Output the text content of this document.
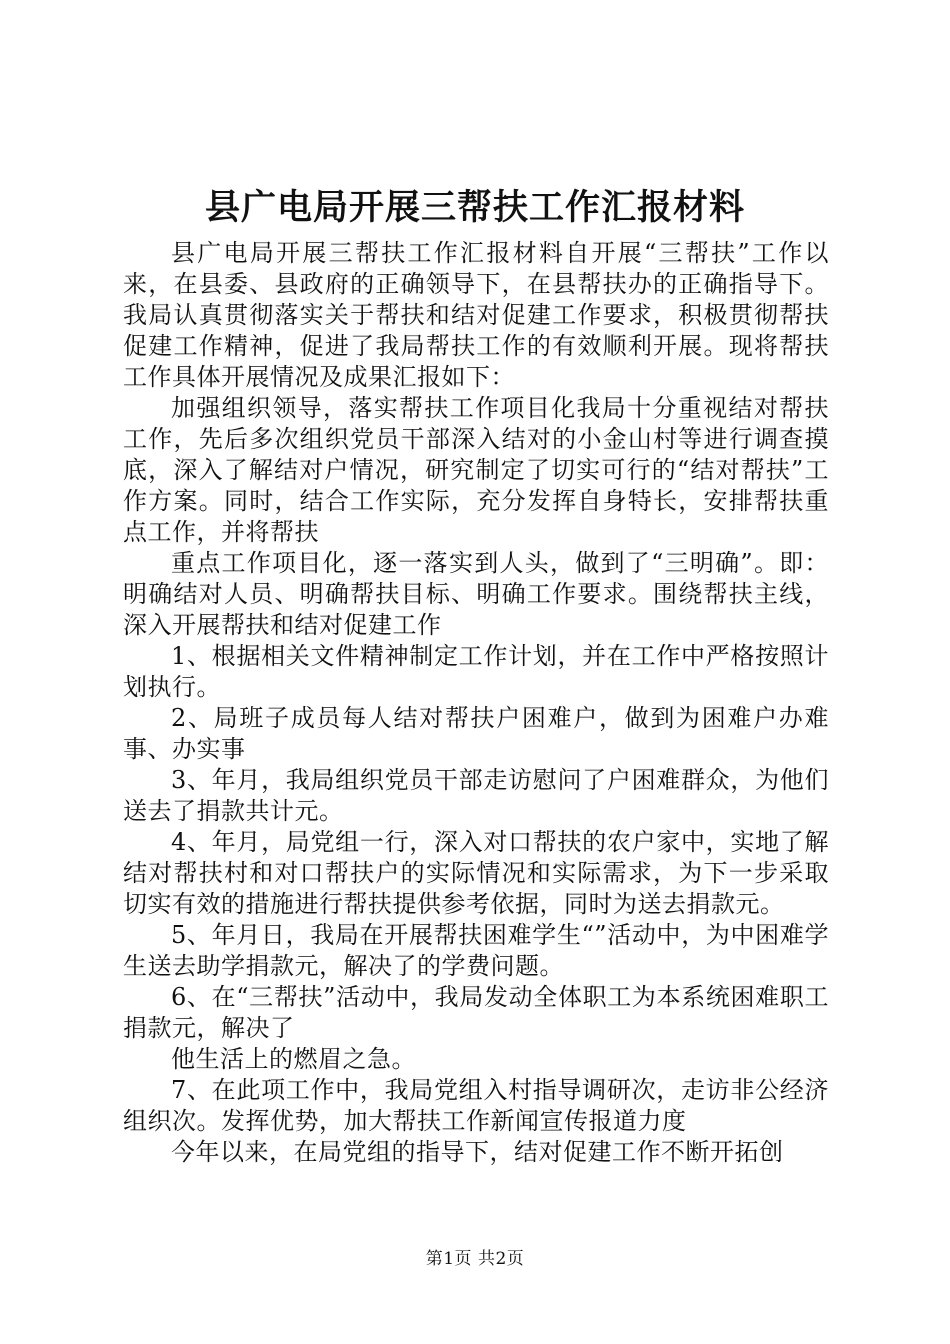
县广电局开展三帮扶工作汇报材料

县广电局开展三帮扶工作汇报材料自开展“三帮扶”工作以来，在县委、县政府的正确领导下，在县帮扶办的正确指导下。我局认真贯彻落实关于帮扶和结对促建工作要求，积极贯彻帮扶促建工作精神，促进了我局帮扶工作的有效顺利开展。现将帮扶工作具体开展情况及成果汇报如下：

加强组织领导，落实帮扶工作项目化我局十分重视结对帮扶工作，先后多次组织党员干部深入结对的小金山村等进行调查摸底，深入了解结对户情况，研究制定了切实可行的“结对帮扶”工作方案。同时，结合工作实际，充分发挥自身特长，安排帮扶重点工作，并将帮扶

重点工作项目化，逐一落实到人头，做到了“三明确”。即：明确结对人员、明确帮扶目标、明确工作要求。围绕帮扶主线，深入开展帮扶和结对促建工作

1、根据相关文件精神制定工作计划，并在工作中严格按照计划执行。

2、局班子成员每人结对帮扶户困难户，做到为困难户办难事、办实事

3、年月，我局组织党员干部走访慰问了户困难群众，为他们送去了捐款共计元。

4、年月，局党组一行，深入对口帮扶的农户家中，实地了解结对帮扶村和对口帮扶户的实际情况和实际需求，为下一步采取切实有效的措施进行帮扶提供参考依据，同时为送去捐款元。

5、年月日，我局在开展帮扶困难学生“”活动中，为中困难学生送去助学捐款元，解决了的学费问题。

6、在“三帮扶”活动中，我局发动全体职工为本系统困难职工捐款元，解决了

他生活上的燃眉之急。

7、在此项工作中，我局党组入村指导调研次，走访非公经济组织次。发挥优势，加大帮扶工作新闻宣传报道力度

今年以来，在局党组的指导下，结对促建工作不断开拓创

第1页 共2页
